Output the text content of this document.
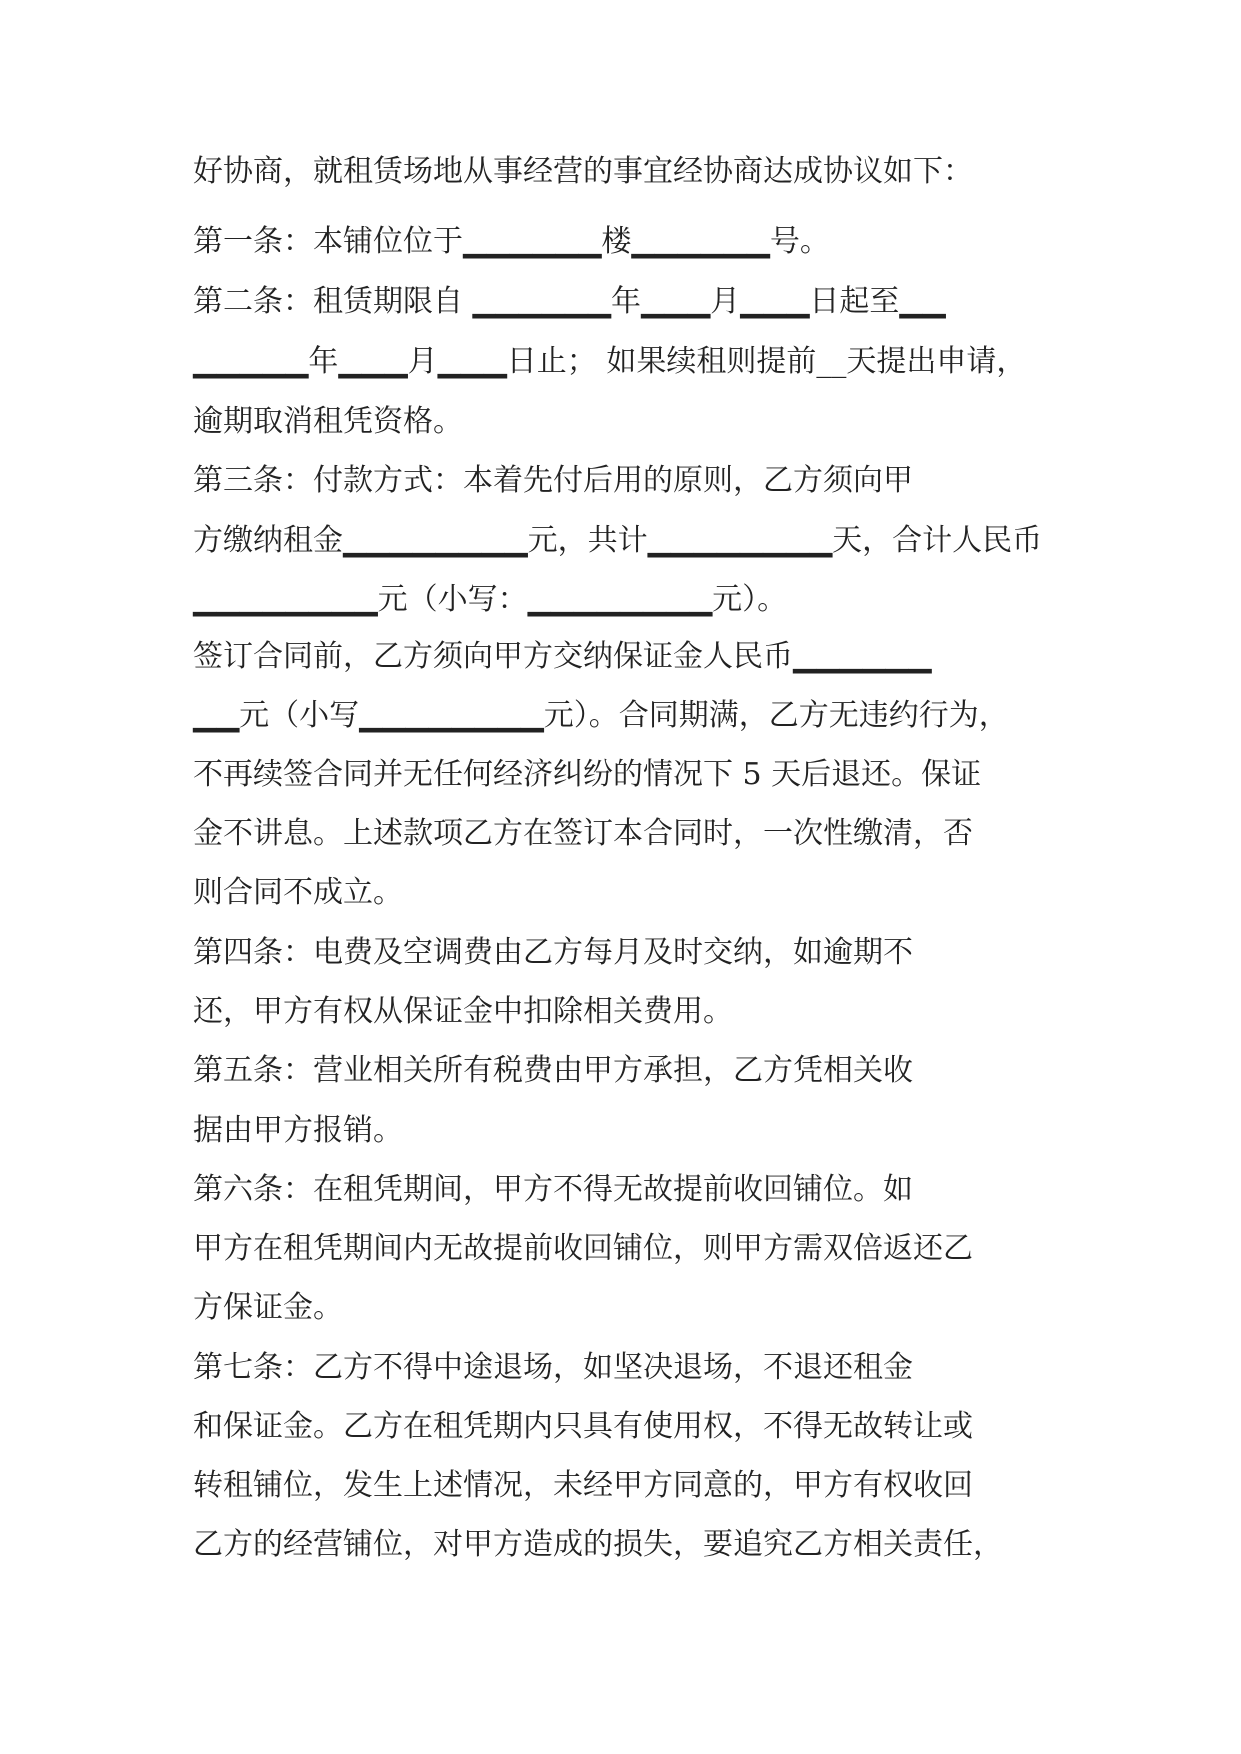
好协商，就租赁场地从事经营的事宜经协商达成协议如下：
第一条：本铺位位于▁▁▁▁▁▁楼▁▁▁▁▁▁号。
第二条：租赁期限自 ▁▁▁▁▁▁年▁▁▁月▁▁▁日起至▁▁
▁▁▁▁▁年▁▁▁月▁▁▁日止； 如果续租则提前__天提出申请，
逾期取消租凭资格。
第三条：付款方式：本着先付后用的原则，乙方须向甲
方缴纳租金▁▁▁▁▁▁▁▁元，共计▁▁▁▁▁▁▁▁天，合计人民币
▁▁▁▁▁▁▁▁元（小写：▁▁▁▁▁▁▁▁元）。
签订合同前，乙方须向甲方交纳保证金人民币▁▁▁▁▁▁
▁▁元（小写▁▁▁▁▁▁▁▁元）。合同期满，乙方无违约行为，
不再续签合同并无任何经济纠纷的情况下 5 天后退还。保证
金不讲息。上述款项乙方在签订本合同时，一次性缴清，否
则合同不成立。
第四条：电费及空调费由乙方每月及时交纳，如逾期不
还，甲方有权从保证金中扣除相关费用。
第五条：营业相关所有税费由甲方承担，乙方凭相关收
据由甲方报销。
第六条：在租凭期间，甲方不得无故提前收回铺位。如
甲方在租凭期间内无故提前收回铺位，则甲方需双倍返还乙
方保证金。
第七条：乙方不得中途退场，如坚决退场，不退还租金
和保证金。乙方在租凭期内只具有使用权，不得无故转让或
转租铺位，发生上述情况，未经甲方同意的，甲方有权收回
乙方的经营铺位，对甲方造成的损失，要追究乙方相关责任，
